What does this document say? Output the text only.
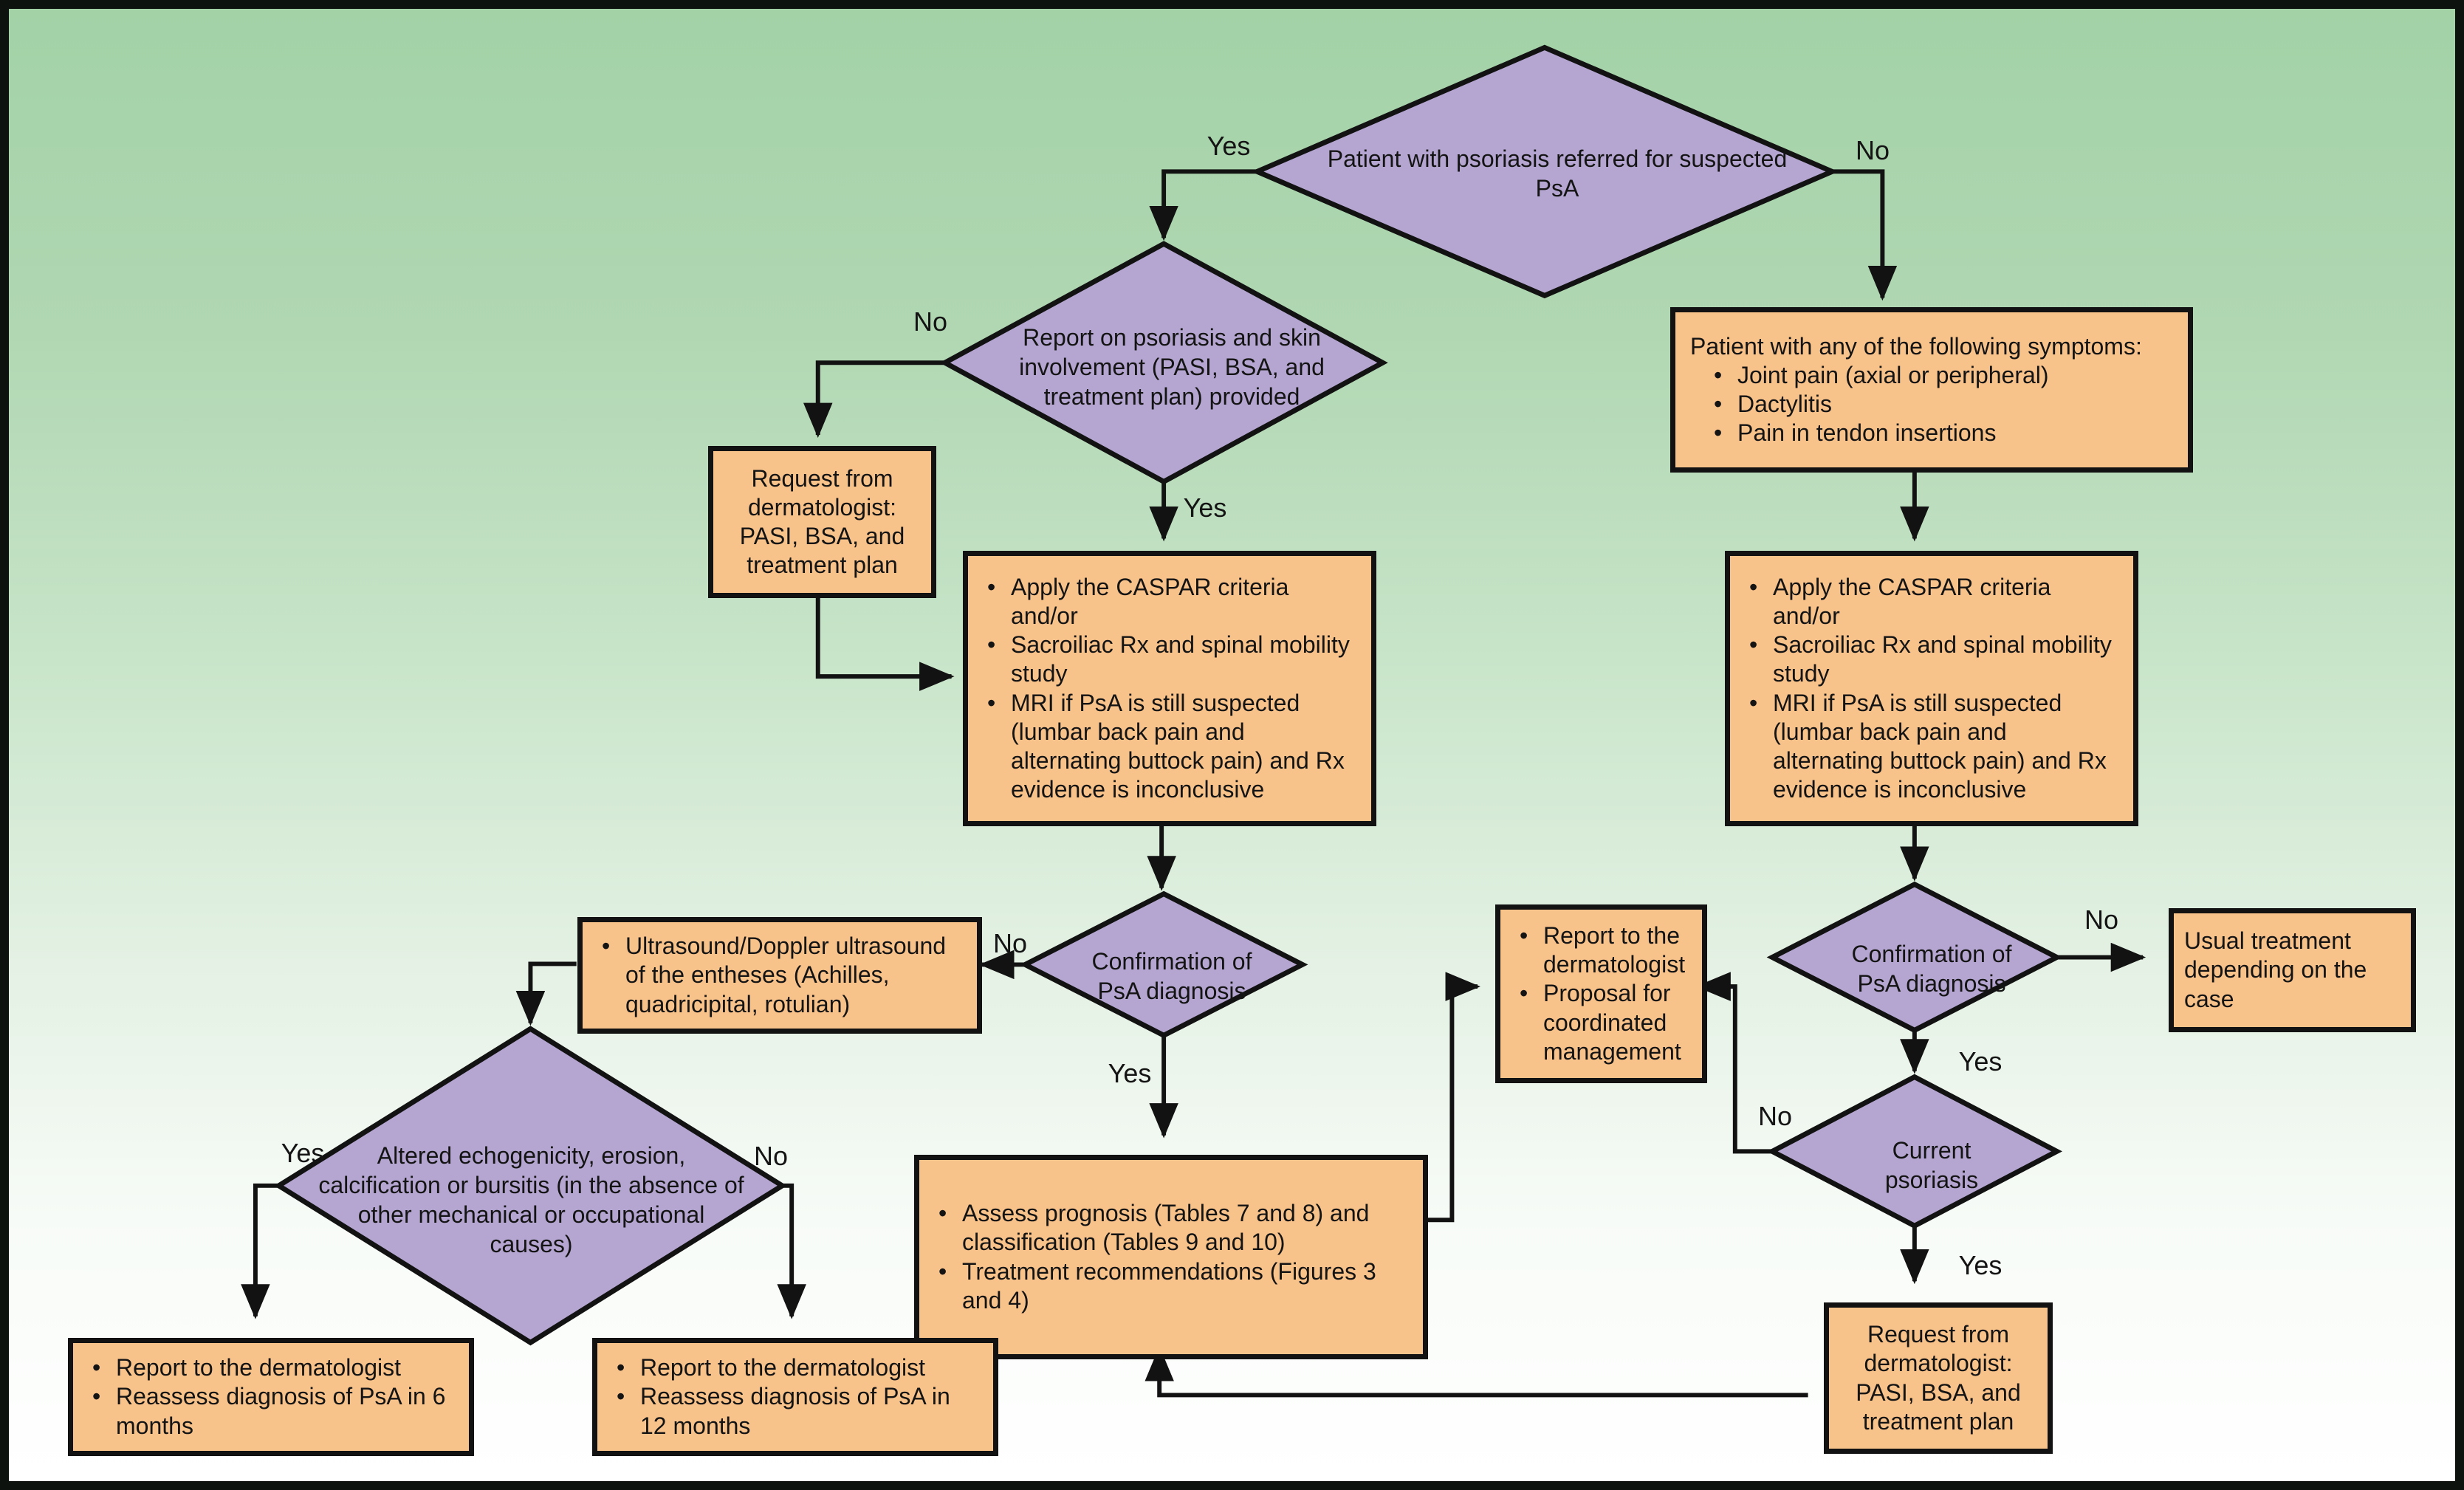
Patient with psoriasis referred for suspected PsA
Report on psoriasis and skin involvement (PASI, BSA, and treatment plan) provided
Confirmation of PsA diagnosis
Altered echogenicity, erosion, calcification or bursitis (in the absence of other mechanical or occupational causes)
Confirmation of PsA diagnosis
Current psoriasis
Request from dermatologist: PASI, BSA, and treatment plan
• Apply the CASPAR criteria and/or
• Sacroiliac Rx and spinal mobility study
• MRI if PsA is still suspected (lumbar back pain and alternating buttock pain) and Rx evidence is inconclusive
Patient with any of the following symptoms:
• Joint pain (axial or peripheral)
• Dactylitis
• Pain in tendon insertions
• Apply the CASPAR criteria and/or
• Sacroiliac Rx and spinal mobility study
• MRI if PsA is still suspected (lumbar back pain and alternating buttock pain) and Rx evidence is inconclusive
• Ultrasound/Doppler ultrasound of the entheses (Achilles, quadricipital, rotulian)
• Assess prognosis (Tables 7 and 8) and classification (Tables 9 and 10)
• Treatment recommendations (Figures 3 and 4)
• Report to the dermatologist
• Proposal for coordinated management
Usual treatment depending on the case
• Report to the dermatologist
• Reassess diagnosis of PsA in 6 months
• Report to the dermatologist
• Reassess diagnosis of PsA in 12 months
Request from dermatologist: PASI, BSA, and treatment plan
Yes	No
No
Yes
No
Yes
Yes	No
No
Yes
No
Yes
